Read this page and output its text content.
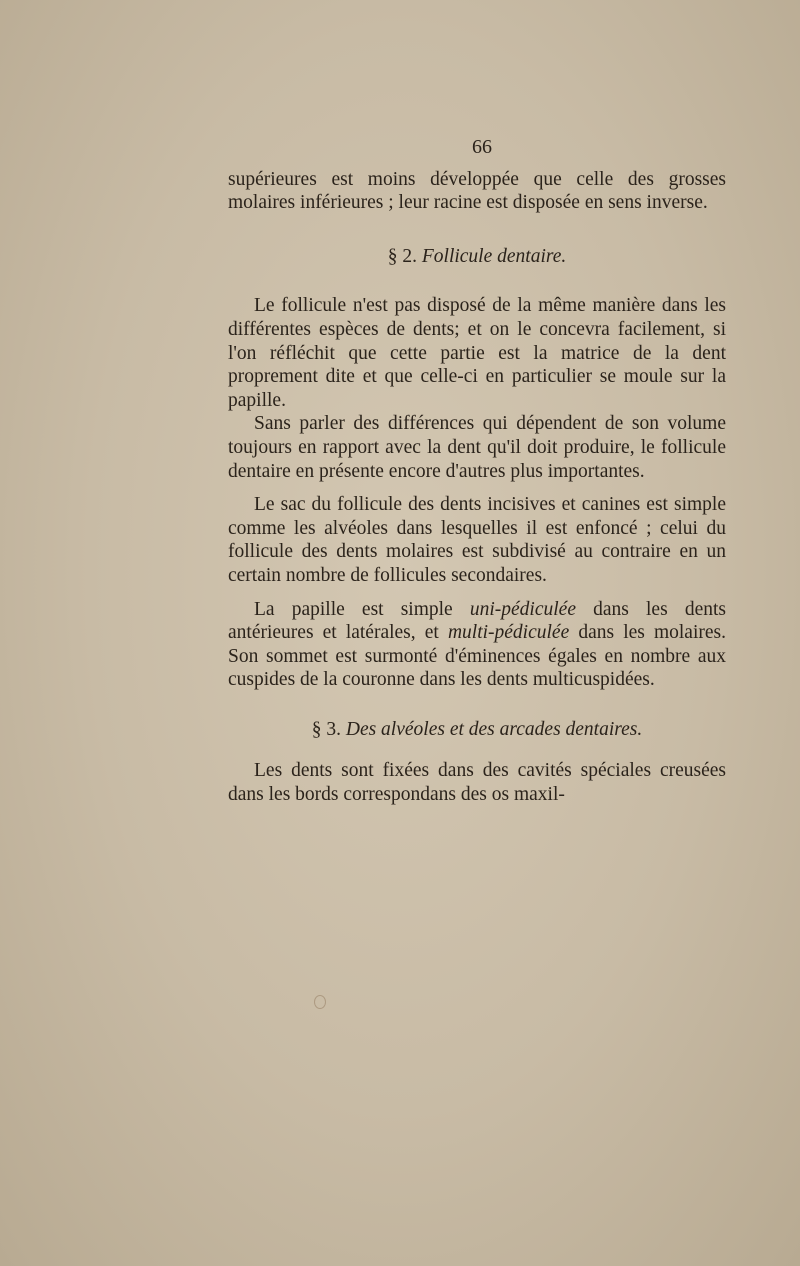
66

supérieures est moins développée que celle des grosses molaires inférieures ; leur racine est disposée en sens inverse.

§ 2. Follicule dentaire.

Le follicule n'est pas disposé de la même manière dans les différentes espèces de dents; et on le concevra facilement, si l'on réfléchit que cette partie est la matrice de la dent proprement dite et que celle-ci en particulier se moule sur la papille.

Sans parler des différences qui dépendent de son volume toujours en rapport avec la dent qu'il doit produire, le follicule dentaire en présente encore d'autres plus importantes.

Le sac du follicule des dents incisives et canines est simple comme les alvéoles dans lesquelles il est enfoncé ; celui du follicule des dents molaires est subdivisé au contraire en un certain nombre de follicules secondaires.

La papille est simple uni-pédiculée dans les dents antérieures et latérales, et multi-pédiculée dans les molaires. Son sommet est surmonté d'éminences égales en nombre aux cuspides de la couronne dans les dents multicuspidées.

§ 3. Des alvéoles et des arcades dentaires.

Les dents sont fixées dans des cavités spéciales creusées dans les bords correspondans des os maxil-
